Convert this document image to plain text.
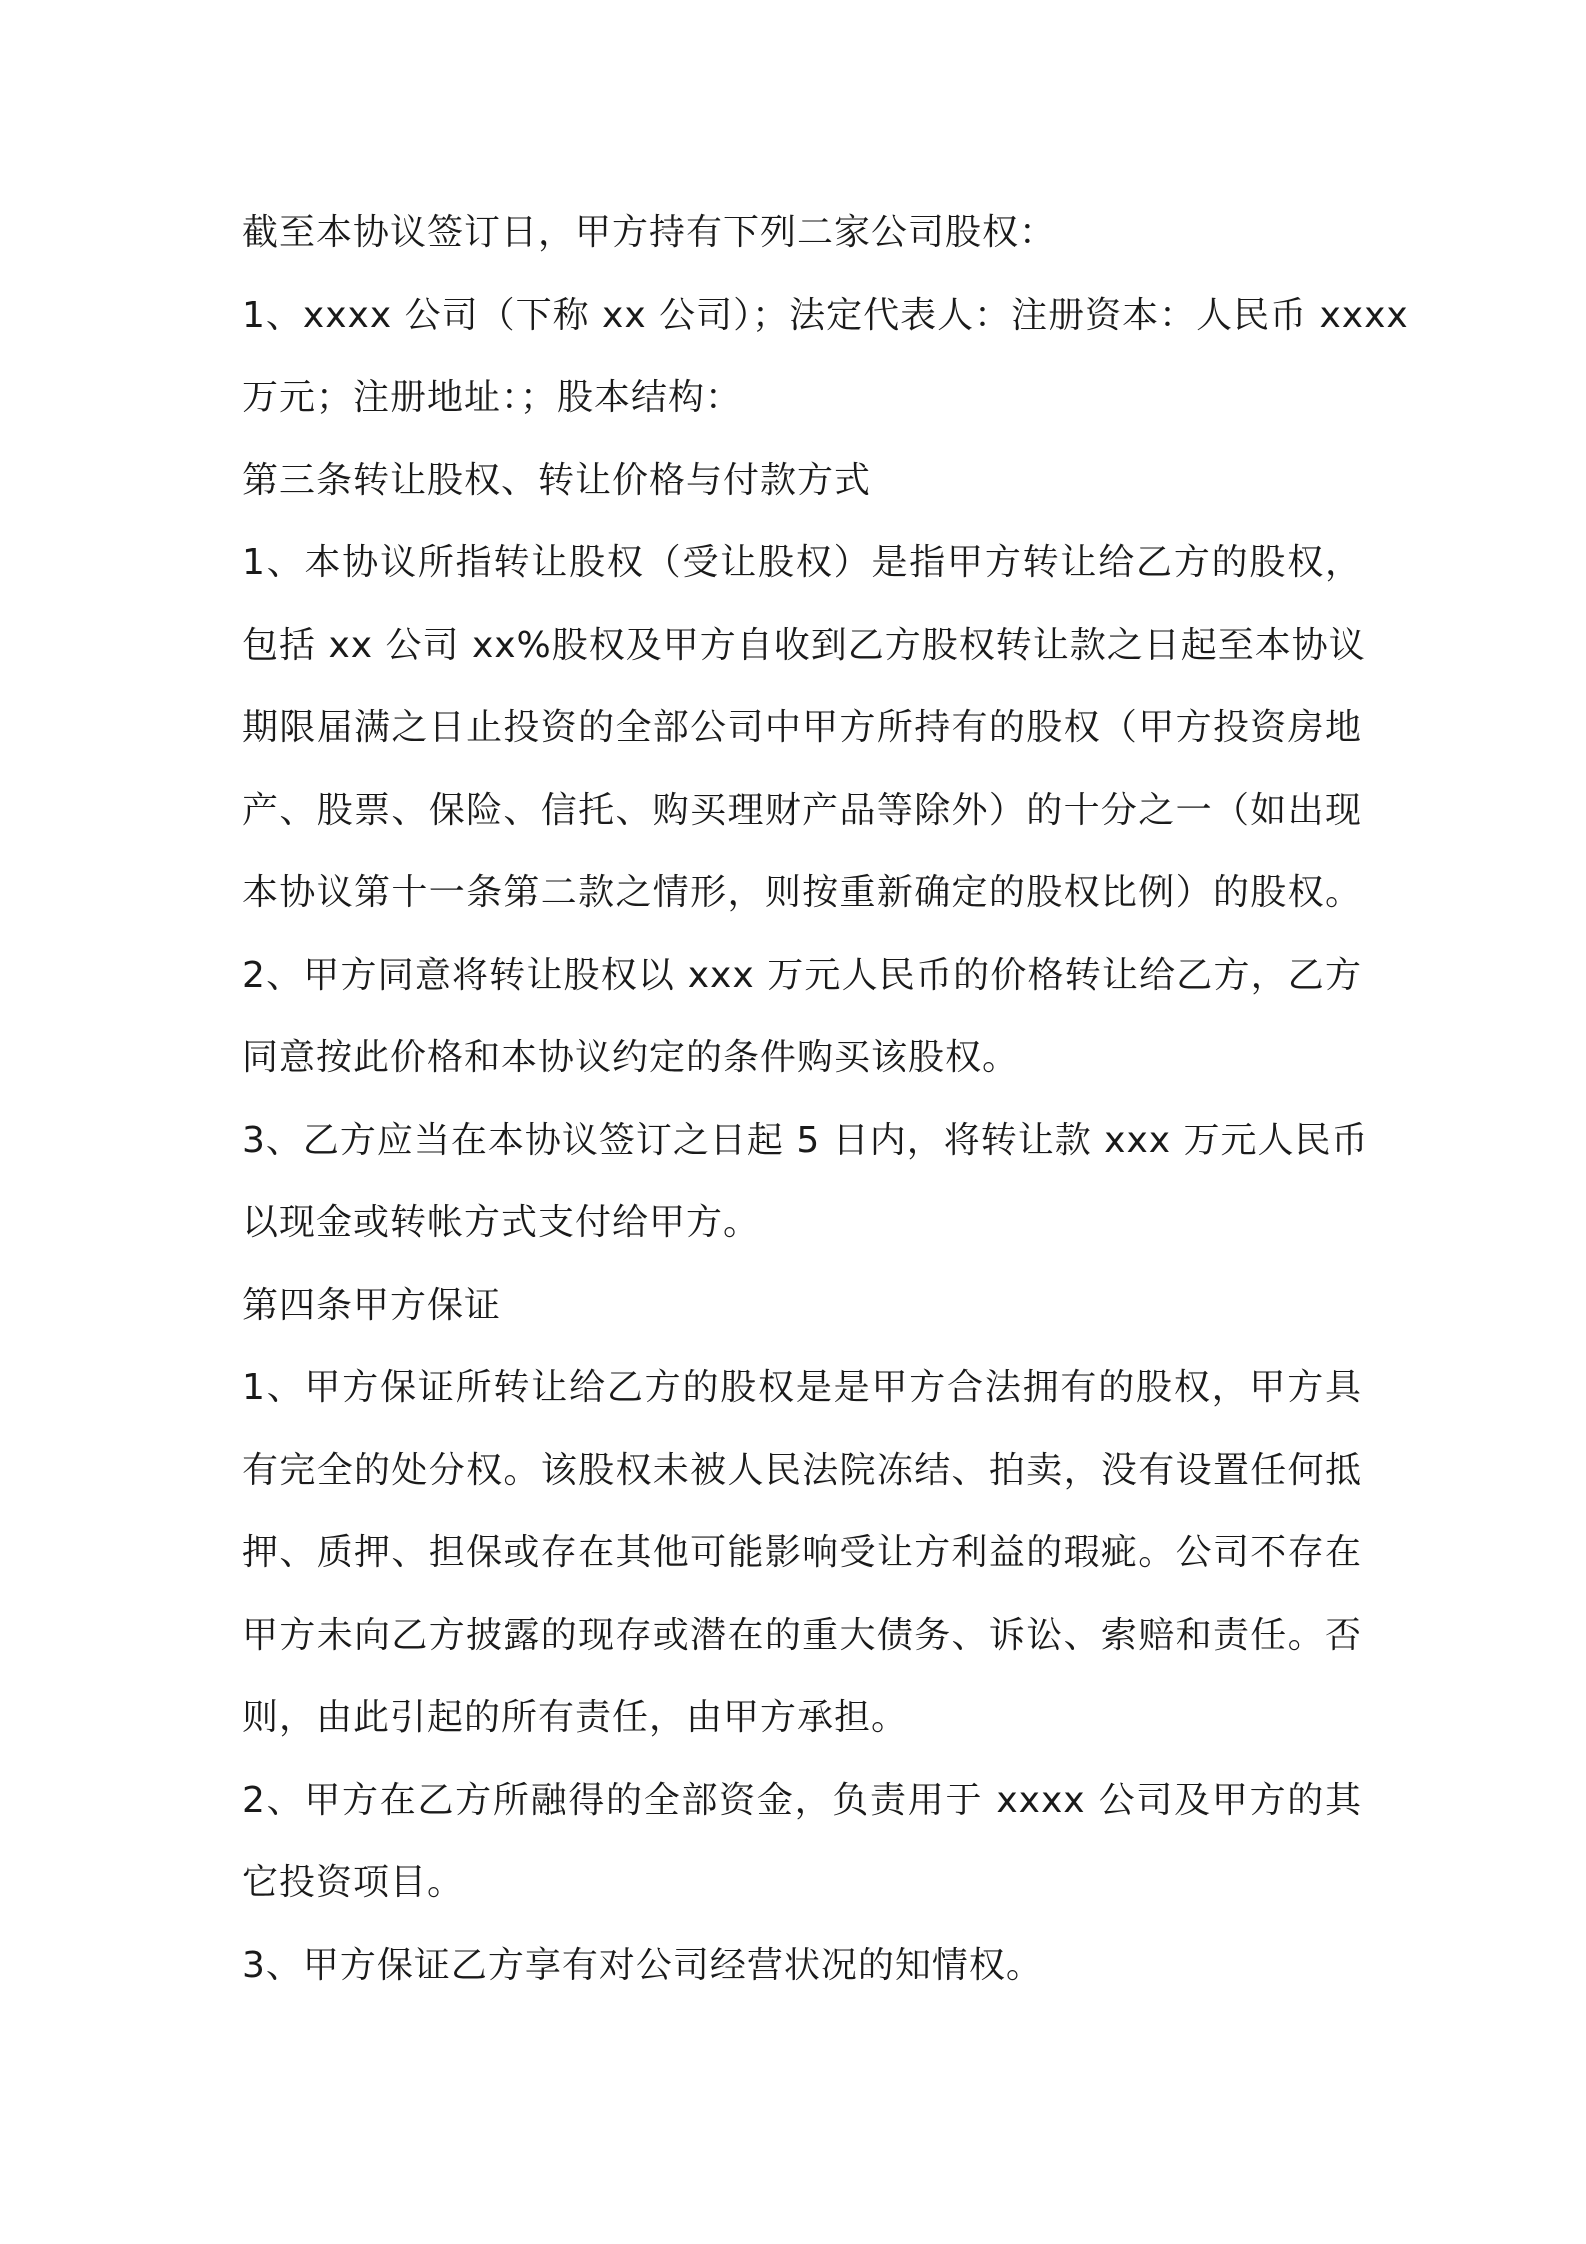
截至本协议签订日，甲方持有下列二家公司股权：
1、xxxx 公司（下称 xx 公司）；法定代表人：注册资本：人民币 xxxx
万元；注册地址：；股本结构：
第三条转让股权、转让价格与付款方式
1、本协议所指转让股权（受让股权）是指甲方转让给乙方的股权，
包括 xx 公司 xx%股权及甲方自收到乙方股权转让款之日起至本协议
期限届满之日止投资的全部公司中甲方所持有的股权（甲方投资房地
产、股票、保险、信托、购买理财产品等除外）的十分之一（如出现
本协议第十一条第二款之情形，则按重新确定的股权比例）的股权。
2、甲方同意将转让股权以 xxx 万元人民币的价格转让给乙方，乙方
同意按此价格和本协议约定的条件购买该股权。
3、乙方应当在本协议签订之日起 5 日内，将转让款 xxx 万元人民币
以现金或转帐方式支付给甲方。
第四条甲方保证
1、甲方保证所转让给乙方的股权是是甲方合法拥有的股权，甲方具
有完全的处分权。该股权未被人民法院冻结、拍卖，没有设置任何抵
押、质押、担保或存在其他可能影响受让方利益的瑕疵。公司不存在
甲方未向乙方披露的现存或潜在的重大债务、诉讼、索赔和责任。否
则，由此引起的所有责任，由甲方承担。
2、甲方在乙方所融得的全部资金，负责用于 xxxx 公司及甲方的其
它投资项目。
3、甲方保证乙方享有对公司经营状况的知情权。
